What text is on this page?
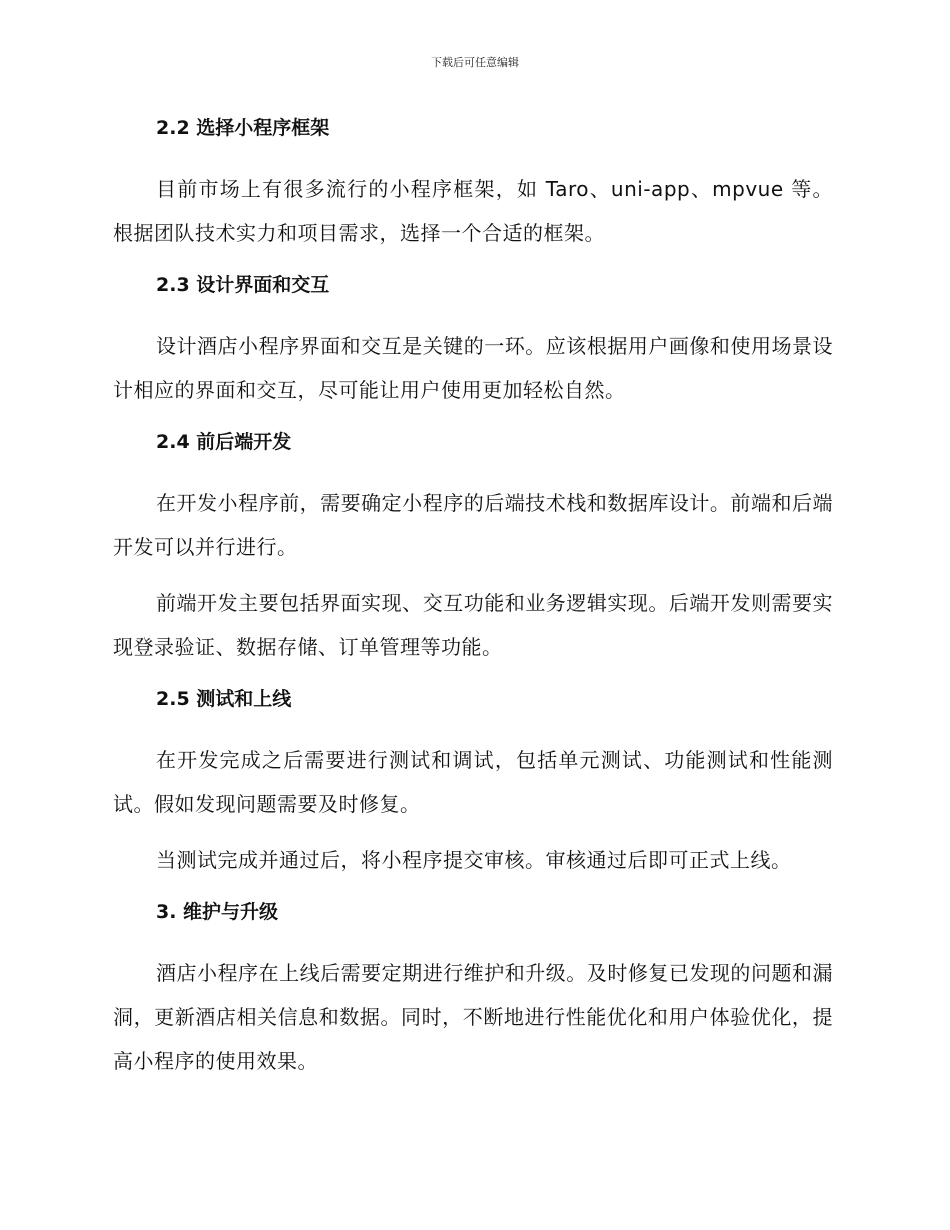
下载后可任意编辑
2.2 选择小程序框架

目前市场上有很多流行的小程序框架，如 Taro、uni-app、mpvue 等。根据团队技术实力和项目需求，选择一个合适的框架。

2.3 设计界面和交互

设计酒店小程序界面和交互是关键的一环。应该根据用户画像和使用场景设计相应的界面和交互，尽可能让用户使用更加轻松自然。

2.4 前后端开发

在开发小程序前，需要确定小程序的后端技术栈和数据库设计。前端和后端开发可以并行进行。

前端开发主要包括界面实现、交互功能和业务逻辑实现。后端开发则需要实现登录验证、数据存储、订单管理等功能。

2.5 测试和上线

在开发完成之后需要进行测试和调试，包括单元测试、功能测试和性能测试。假如发现问题需要及时修复。

当测试完成并通过后，将小程序提交审核。审核通过后即可正式上线。

3. 维护与升级

酒店小程序在上线后需要定期进行维护和升级。及时修复已发现的问题和漏洞，更新酒店相关信息和数据。同时，不断地进行性能优化和用户体验优化，提高小程序的使用效果。
